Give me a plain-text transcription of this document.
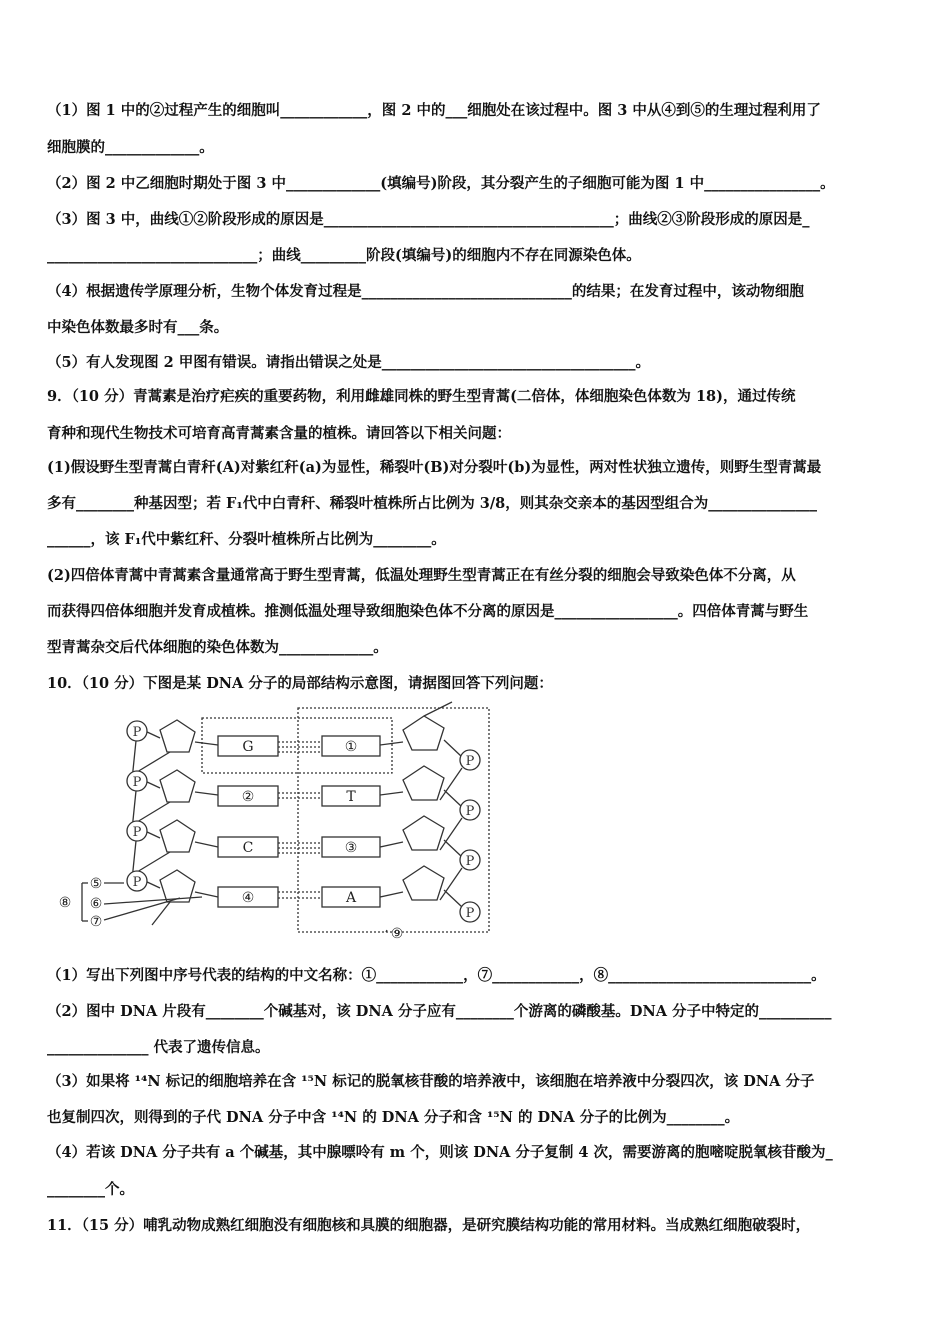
（1）图 1 中的②过程产生的细胞叫____________，图 2 中的___细胞处在该过程中。图 3 中从④到⑤的生理过程利用了
细胞膜的_____________。
（2）图 2 中乙细胞时期处于图 3 中_____________(填编号)阶段，其分裂产生的子细胞可能为图 1 中________________。
（3）图 3 中，曲线①②阶段形成的原因是________________________________________；曲线②③阶段形成的原因是_
_____________________________；曲线_________阶段(填编号)的细胞内不存在同源染色体。
（4）根据遗传学原理分析，生物个体发育过程是_____________________________的结果；在发育过程中，该动物细胞
中染色体数最多时有___条。
（5）有人发现图 2 甲图有错误。请指出错误之处是___________________________________。
9．（10 分）青蒿素是治疗疟疾的重要药物，利用雌雄同株的野生型青蒿(二倍体，体细胞染色体数为 18)，通过传统
育种和现代生物技术可培育高青蒿素含量的植株。请回答以下相关问题：
(1)假设野生型青蒿白青秆(A)对紫红秆(a)为显性，稀裂叶(B)对分裂叶(b)为显性，两对性状独立遗传，则野生型青蒿最
多有________种基因型；若 F₁代中白青秆、稀裂叶植株所占比例为 3/8，则其杂交亲本的基因型组合为_______________
______，该 F₁代中紫红秆、分裂叶植株所占比例为________。
(2)四倍体青蒿中青蒿素含量通常高于野生型青蒿，低温处理野生型青蒿正在有丝分裂的细胞会导致染色体不分离，从
而获得四倍体细胞并发育成植株。推测低温处理导致细胞染色体不分离的原因是_________________。四倍体青蒿与野生
型青蒿杂交后代体细胞的染色体数为_____________。
10．（10 分）下图是某 DNA 分子的局部结构示意图，请据图回答下列问题：
P
P
P
P
P
P
P
P
G
②
C
④
①
T
③
A
⑤
⑥
⑦
⑧
⑨
（1）写出下列图中序号代表的结构的中文名称：①____________，⑦____________，⑧____________________________。
（2）图中 DNA 片段有________个碱基对，该 DNA 分子应有________个游离的磷酸基。DNA 分子中特定的__________
______________ 代表了遗传信息。
（3）如果将 ¹⁴N 标记的细胞培养在含 ¹⁵N 标记的脱氧核苷酸的培养液中，该细胞在培养液中分裂四次，该 DNA 分子
也复制四次，则得到的子代 DNA 分子中含 ¹⁴N 的 DNA 分子和含 ¹⁵N 的 DNA 分子的比例为________。
（4）若该 DNA 分子共有 a 个碱基，其中腺嘌呤有 m 个，则该 DNA 分子复制 4 次，需要游离的胞嘧啶脱氧核苷酸为_
________个。
11．（15 分）哺乳动物成熟红细胞没有细胞核和具膜的细胞器，是研究膜结构功能的常用材料。当成熟红细胞破裂时，
